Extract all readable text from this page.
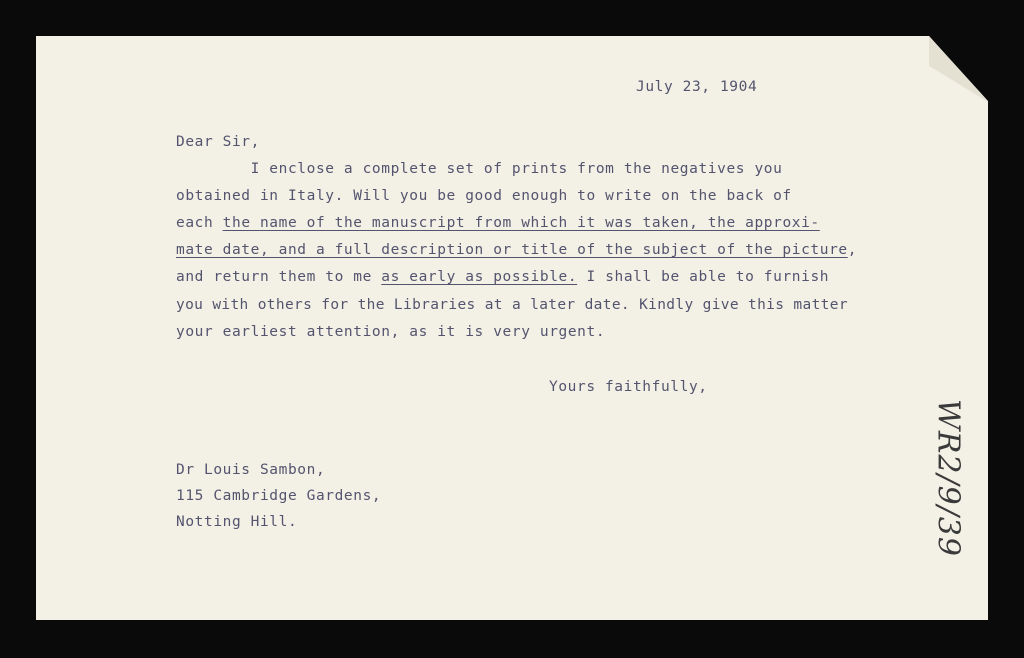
July 23, 1904
Dear Sir,
I enclose a complete set of prints from the negatives you
obtained in Italy. Will you be good enough to write on the back of
each the name of the manuscript from which it was taken, the approxi-
mate date, and a full description or title of the subject of the picture,
and return them to me as early as possible. I shall be able to furnish
you with others for the Libraries at a later date. Kindly give this matter
your earliest attention, as it is very urgent.
Yours faithfully,
Dr Louis Sambon,
115 Cambridge Gardens,
Notting Hill.	WR2/9/39
